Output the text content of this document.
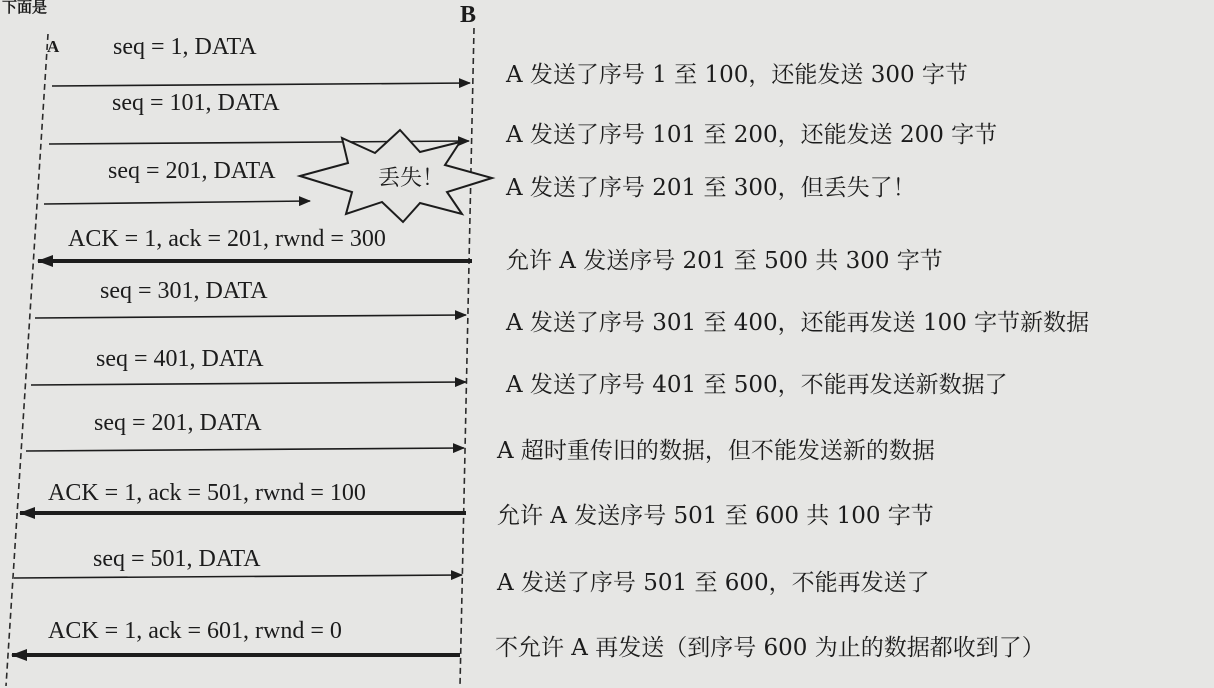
下面是
A
B
seq = 1, DATA
A 发送了序号 1 至 100，还能发送 300 字节
seq = 101, DATA
A 发送了序号 101 至 200，还能发送 200 字节
seq = 201, DATA
A 发送了序号 201 至 300，但丢失了！
ACK = 1, ack = 201, rwnd = 300
允许 A 发送序号 201 至 500 共 300 字节
seq = 301, DATA
A 发送了序号 301 至 400，还能再发送 100 字节新数据
seq = 401, DATA
A 发送了序号 401 至 500，不能再发送新数据了
seq = 201, DATA
A 超时重传旧的数据，但不能发送新的数据
ACK = 1, ack = 501, rwnd = 100
允许 A 发送序号 501 至 600 共 100 字节
seq = 501, DATA
A 发送了序号 501 至 600，不能再发送了
ACK = 1, ack = 601, rwnd = 0
不允许 A 再发送（到序号 600 为止的数据都收到了）
丢失！
